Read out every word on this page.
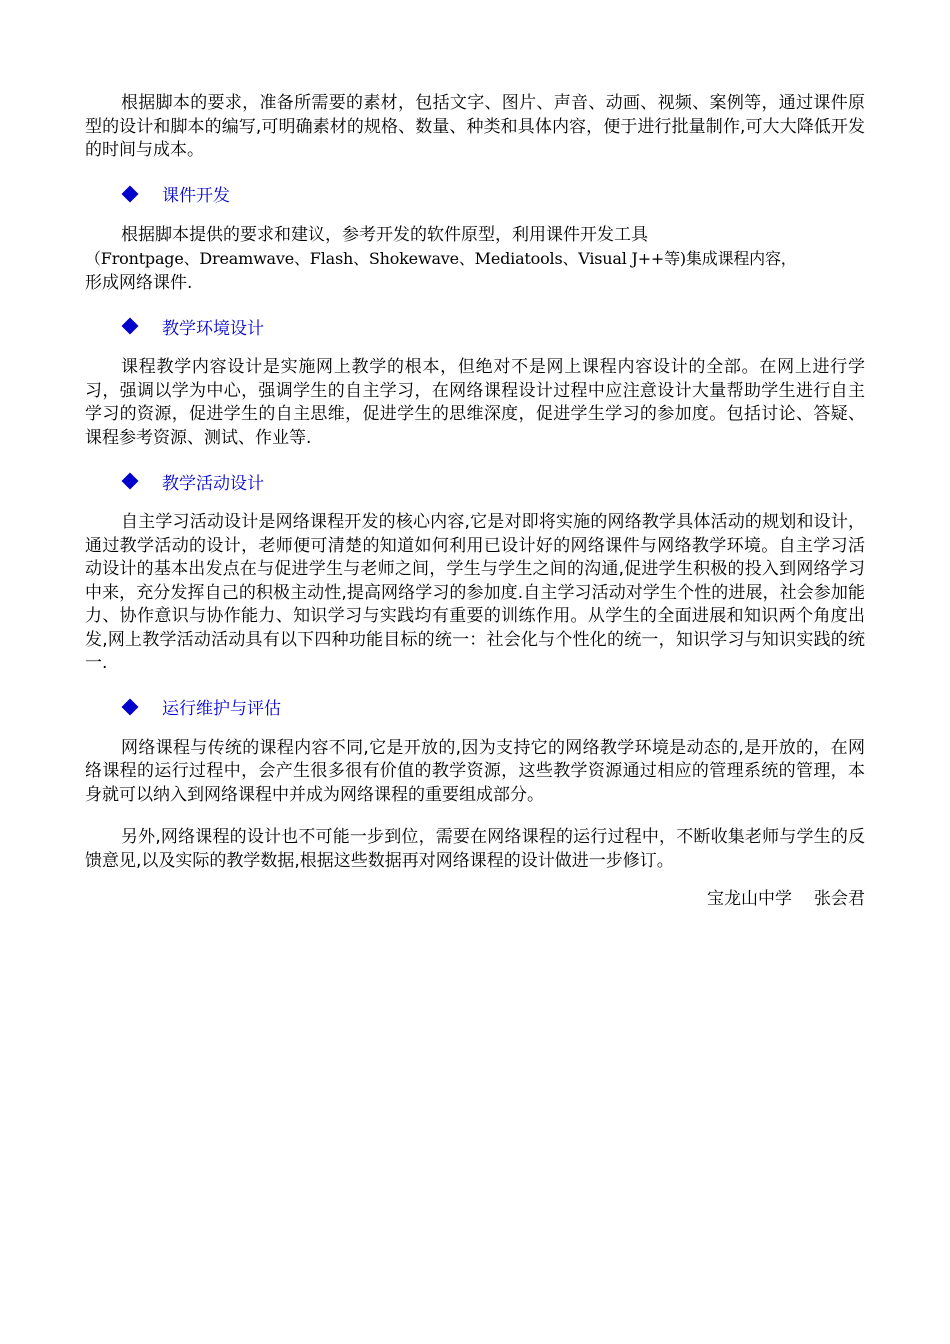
根据脚本的要求，准备所需要的素材，包括文字、图片、声音、动画、视频、案例等，通过课件原型的设计和脚本的编写,可明确素材的规格、数量、种类和具体内容，便于进行批量制作,可大大降低开发的时间与成本。

课件开发

根据脚本提供的要求和建议，参考开发的软件原型，利用课件开发工具
（Frontpage、Dreamwave、Flash、Shokewave、Mediatools、Visual J++等)集成课程内容，
形成网络课件.

教学环境设计

课程教学内容设计是实施网上教学的根本，但绝对不是网上课程内容设计的全部。在网上进行学习，强调以学为中心，强调学生的自主学习，在网络课程设计过程中应注意设计大量帮助学生进行自主学习的资源，促进学生的自主思维，促进学生的思维深度，促进学生学习的参加度。包括讨论、答疑、课程参考资源、测试、作业等.

教学活动设计

自主学习活动设计是网络课程开发的核心内容,它是对即将实施的网络教学具体活动的规划和设计，通过教学活动的设计，老师便可清楚的知道如何利用已设计好的网络课件与网络教学环境。自主学习活动设计的基本出发点在与促进学生与老师之间，学生与学生之间的沟通,促进学生积极的投入到网络学习中来，充分发挥自己的积极主动性,提高网络学习的参加度.自主学习活动对学生个性的进展，社会参加能力、协作意识与协作能力、知识学习与实践均有重要的训练作用。从学生的全面进展和知识两个角度出发,网上教学活动活动具有以下四种功能目标的统一：社会化与个性化的统一，知识学习与知识实践的统一.

运行维护与评估

网络课程与传统的课程内容不同,它是开放的,因为支持它的网络教学环境是动态的,是开放的，在网络课程的运行过程中，会产生很多很有价值的教学资源，这些教学资源通过相应的管理系统的管理，本身就可以纳入到网络课程中并成为网络课程的重要组成部分。

另外,网络课程的设计也不可能一步到位，需要在网络课程的运行过程中，不断收集老师与学生的反馈意见,以及实际的教学数据,根据这些数据再对网络课程的设计做进一步修订。

宝龙山中学 张会君
